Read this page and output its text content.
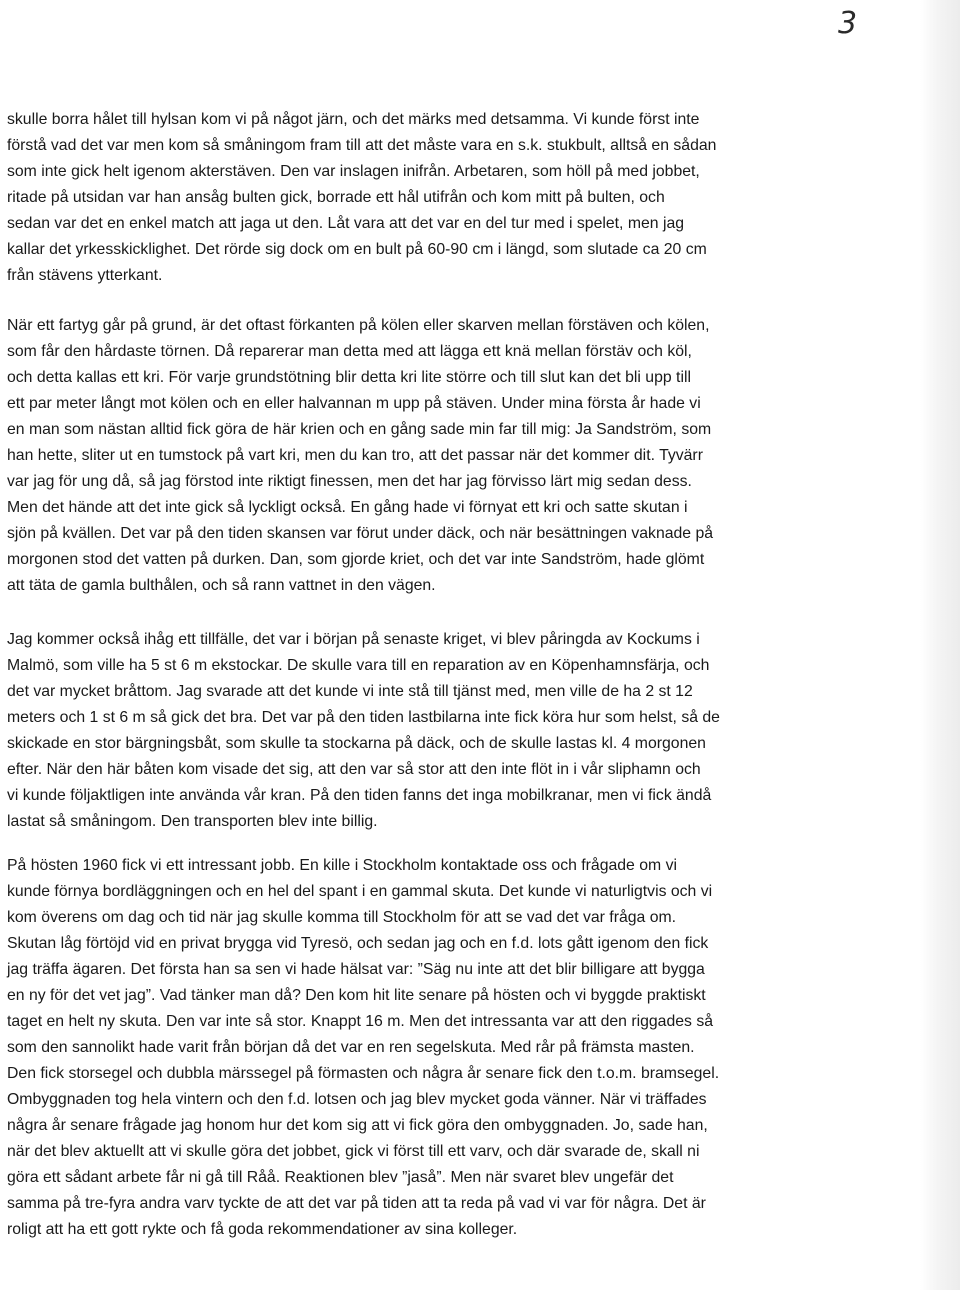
3

skulle borra hålet till hylsan kom vi på något järn, och det märks med detsamma. Vi kunde först inte
förstå vad det var men kom så småningom fram till att det måste vara en s.k. stukbult, alltså en sådan
som inte gick helt igenom akterstäven. Den var inslagen inifrån. Arbetaren, som höll på med jobbet,
ritade på utsidan var han ansåg bulten gick, borrade ett hål utifrån och kom mitt på bulten, och
sedan var det en enkel match att jaga ut den. Låt vara att det var en del tur med i spelet, men jag
kallar det yrkesskicklighet. Det rörde sig dock om en bult på 60-90 cm i längd, som slutade ca 20 cm
från stävens ytterkant.

När ett fartyg går på grund, är det oftast förkanten på kölen eller skarven mellan förstäven och kölen,
som får den hårdaste törnen. Då reparerar man detta med att lägga ett knä mellan förstäv och köl,
och detta kallas ett kri. För varje grundstötning blir detta kri lite större och till slut kan det bli upp till
ett par meter långt mot kölen och en eller halvannan m upp på stäven. Under mina första år hade vi
en man som nästan alltid fick göra de här krien och en gång sade min far till mig: Ja Sandström, som
han hette, sliter ut en tumstock på vart kri, men du kan tro, att det passar när det kommer dit. Tyvärr
var jag för ung då, så jag förstod inte riktigt finessen, men det har jag förvisso lärt mig sedan dess.
Men det hände att det inte gick så lyckligt också. En gång hade vi förnyat ett kri och satte skutan i
sjön på kvällen. Det var på den tiden skansen var förut under däck, och när besättningen vaknade på
morgonen stod det vatten på durken. Dan, som gjorde kriet, och det var inte Sandström, hade glömt
att täta de gamla bulthålen, och så rann vattnet in den vägen.

Jag kommer också ihåg ett tillfälle, det var i början på senaste kriget, vi blev påringda av Kockums i
Malmö, som ville ha 5 st 6 m ekstockar. De skulle vara till en reparation av en Köpenhamnsfärja, och
det var mycket bråttom. Jag svarade att det kunde vi inte stå till tjänst med, men ville de ha 2 st 12
meters och 1 st 6 m så gick det bra. Det var på den tiden lastbilarna inte fick köra hur som helst, så de
skickade en stor bärgningsbåt, som skulle ta stockarna på däck, och de skulle lastas kl. 4 morgonen
efter. När den här båten kom visade det sig, att den var så stor att den inte flöt in i vår sliphamn och
vi kunde följaktligen inte använda vår kran. På den tiden fanns det inga mobilkranar, men vi fick ändå
lastat så småningom. Den transporten blev inte billig.

På hösten 1960 fick vi ett intressant jobb. En kille i Stockholm kontaktade oss och frågade om vi
kunde förnya bordläggningen och en hel del spant i en gammal skuta. Det kunde vi naturligtvis och vi
kom överens om dag och tid när jag skulle komma till Stockholm för att se vad det var fråga om.
Skutan låg förtöjd vid en privat brygga vid Tyresö, och sedan jag och en f.d. lots gått igenom den fick
jag träffa ägaren. Det första han sa sen vi hade hälsat var: ”Säg nu inte att det blir billigare att bygga
en ny för det vet jag”. Vad tänker man då? Den kom hit lite senare på hösten och vi byggde praktiskt
taget en helt ny skuta. Den var inte så stor. Knappt 16 m. Men det intressanta var att den riggades så
som den sannolikt hade varit från början då det var en ren segelskuta. Med rår på främsta masten.
Den fick storsegel och dubbla märssegel på förmasten och några år senare fick den t.o.m. bramsegel.
Ombyggnaden tog hela vintern och den f.d. lotsen och jag blev mycket goda vänner. När vi träffades
några år senare frågade jag honom hur det kom sig att vi fick göra den ombyggnaden. Jo, sade han,
när det blev aktuellt att vi skulle göra det jobbet, gick vi först till ett varv, och där svarade de, skall ni
göra ett sådant arbete får ni gå till Råå. Reaktionen blev ”jaså”. Men när svaret blev ungefär det
samma på tre-fyra andra varv tyckte de att det var på tiden att ta reda på vad vi var för några. Det är
roligt att ha ett gott rykte och få goda rekommendationer av sina kolleger.
